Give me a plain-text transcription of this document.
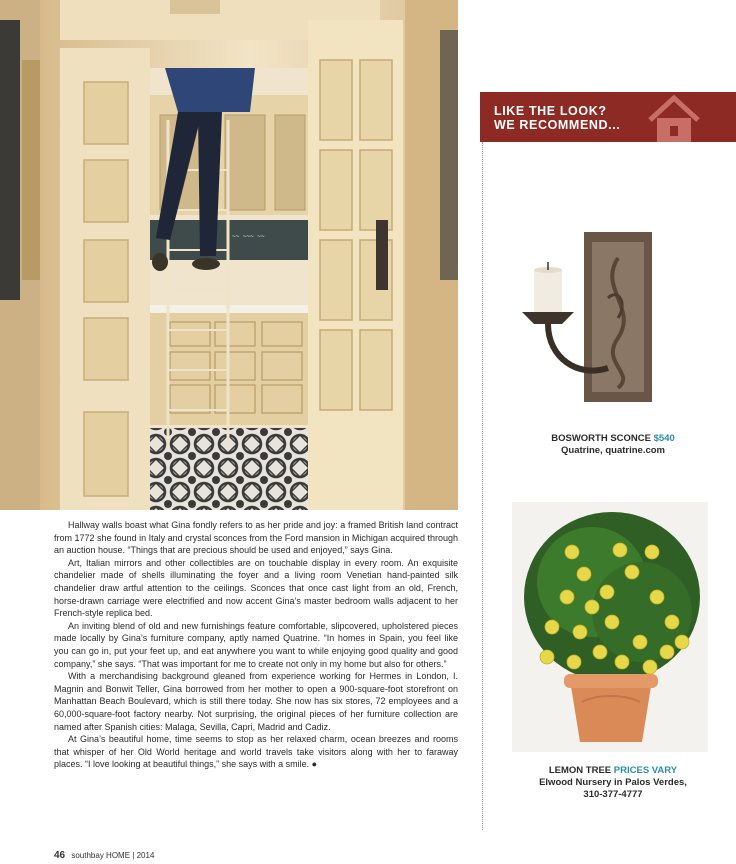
~~ ~~~ ~~
LIKE THE LOOK?
WE RECOMMEND...
BOSWORTH SCONCE $540
Quatrine, quatrine.com
LEMON TREE PRICES VARY
Elwood Nursery in Palos Verdes,
310-377-4777

Hallway walls boast what Gina fondly refers to as her pride and joy: a framed British land contract from 1772 she found in Italy and crystal sconces from the Ford mansion in Michigan acquired through an auction house. “Things that are precious should be used and enjoyed,” says Gina.

Art, Italian mirrors and other collectibles are on touchable display in every room. An exquisite chandelier made of shells illuminating the foyer and a living room Venetian hand-painted silk chandelier draw artful attention to the ceilings. Sconces that once cast light from an old, French, horse-drawn carriage were electrified and now accent Gina’s master bedroom walls adjacent to her French-style replica bed.

An inviting blend of old and new furnishings feature comfortable, slipcovered, upholstered pieces made locally by Gina’s furniture company, aptly named Quatrine. “In homes in Spain, you feel like you can go in, put your feet up, and eat anywhere you want to while enjoying good quality and good company,” she says. “That was important for me to create not only in my home but also for others.”

With a merchandising background gleaned from experience working for Hermes in London, I. Magnin and Bonwit Teller, Gina borrowed from her mother to open a 900-square-foot storefront on Manhattan Beach Boulevard, which is still there today. She now has six stores, 72 employees and a 60,000-square-foot factory nearby. Not surprising, the original pieces of her furniture collection are named after Spanish cities: Malaga, Sevilla, Capri, Madrid and Cadiz.

At Gina’s beautiful home, time seems to stop as her relaxed charm, ocean breezes and rooms that whisper of her Old World heritage and world travels take visitors along with her to faraway places. “I love looking at beautiful things,” she says with a smile. ●

46 southbay HOME | 2014
